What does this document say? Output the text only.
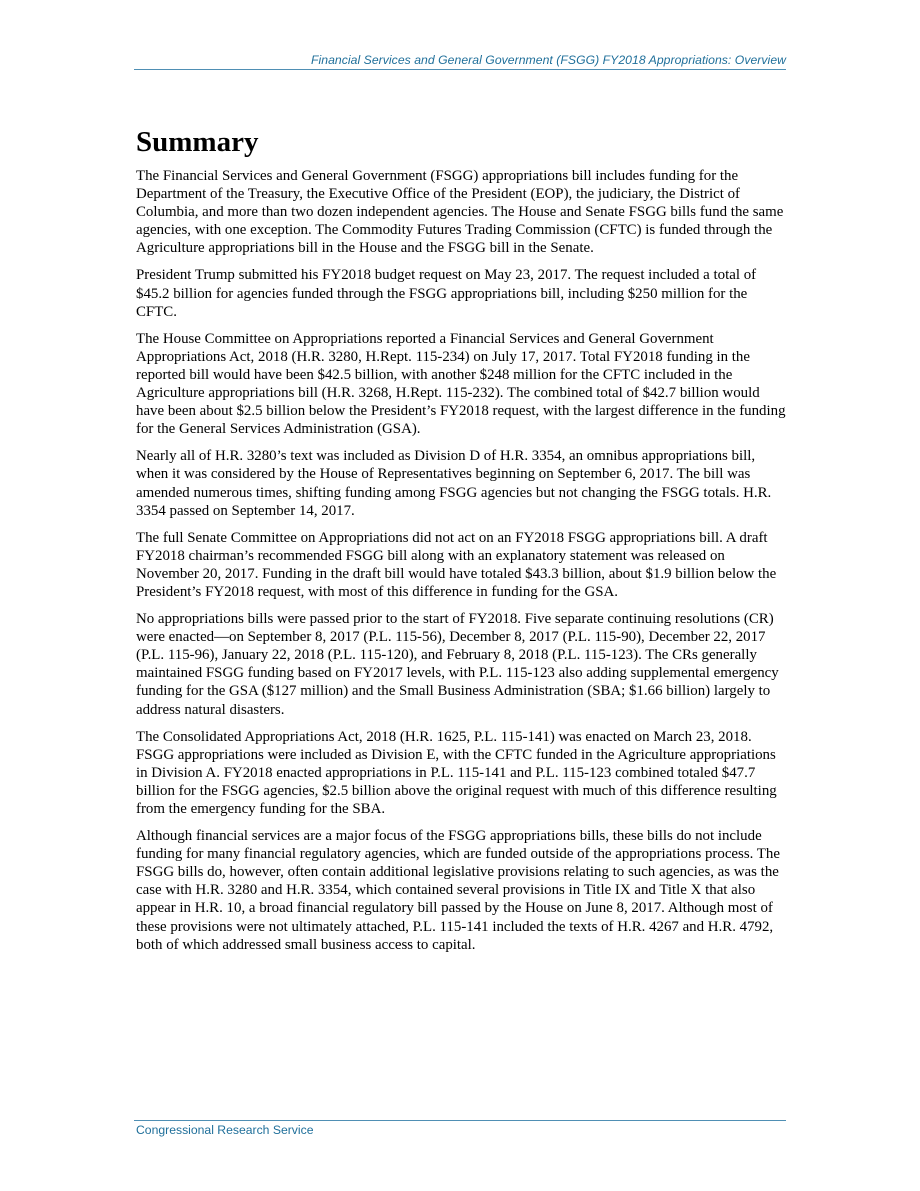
Financial Services and General Government (FSGG) FY2018 Appropriations: Overview
Summary

The Financial Services and General Government (FSGG) appropriations bill includes funding for the Department of the Treasury, the Executive Office of the President (EOP), the judiciary, the District of Columbia, and more than two dozen independent agencies. The House and Senate FSGG bills fund the same agencies, with one exception. The Commodity Futures Trading Commission (CFTC) is funded through the Agriculture appropriations bill in the House and the FSGG bill in the Senate.

President Trump submitted his FY2018 budget request on May 23, 2017. The request included a total of $45.2 billion for agencies funded through the FSGG appropriations bill, including $250 million for the CFTC.

The House Committee on Appropriations reported a Financial Services and General Government Appropriations Act, 2018 (H.R. 3280, H.Rept. 115-234) on July 17, 2017. Total FY2018 funding in the reported bill would have been $42.5 billion, with another $248 million for the CFTC included in the Agriculture appropriations bill (H.R. 3268, H.Rept. 115-232). The combined total of $42.7 billion would have been about $2.5 billion below the President’s FY2018 request, with the largest difference in the funding for the General Services Administration (GSA).

Nearly all of H.R. 3280’s text was included as Division D of H.R. 3354, an omnibus appropriations bill, when it was considered by the House of Representatives beginning on September 6, 2017. The bill was amended numerous times, shifting funding among FSGG agencies but not changing the FSGG totals. H.R. 3354 passed on September 14, 2017.

The full Senate Committee on Appropriations did not act on an FY2018 FSGG appropriations bill. A draft FY2018 chairman’s recommended FSGG bill along with an explanatory statement was released on November 20, 2017. Funding in the draft bill would have totaled $43.3 billion, about $1.9 billion below the President’s FY2018 request, with most of this difference in funding for the GSA.

No appropriations bills were passed prior to the start of FY2018. Five separate continuing resolutions (CR) were enacted—on September 8, 2017 (P.L. 115-56), December 8, 2017 (P.L. 115-90), December 22, 2017 (P.L. 115-96), January 22, 2018 (P.L. 115-120), and February 8, 2018 (P.L. 115-123). The CRs generally maintained FSGG funding based on FY2017 levels, with P.L. 115-123 also adding supplemental emergency funding for the GSA ($127 million) and the Small Business Administration (SBA; $1.66 billion) largely to address natural disasters.

The Consolidated Appropriations Act, 2018 (H.R. 1625, P.L. 115-141) was enacted on March 23, 2018. FSGG appropriations were included as Division E, with the CFTC funded in the Agriculture appropriations in Division A. FY2018 enacted appropriations in P.L. 115-141 and P.L. 115-123 combined totaled $47.7 billion for the FSGG agencies, $2.5 billion above the original request with much of this difference resulting from the emergency funding for the SBA.

Although financial services are a major focus of the FSGG appropriations bills, these bills do not include funding for many financial regulatory agencies, which are funded outside of the appropriations process. The FSGG bills do, however, often contain additional legislative provisions relating to such agencies, as was the case with H.R. 3280 and H.R. 3354, which contained several provisions in Title IX and Title X that also appear in H.R. 10, a broad financial regulatory bill passed by the House on June 8, 2017. Although most of these provisions were not ultimately attached, P.L. 115-141 included the texts of H.R. 4267 and H.R. 4792, both of which addressed small business access to capital.

Congressional Research Service
